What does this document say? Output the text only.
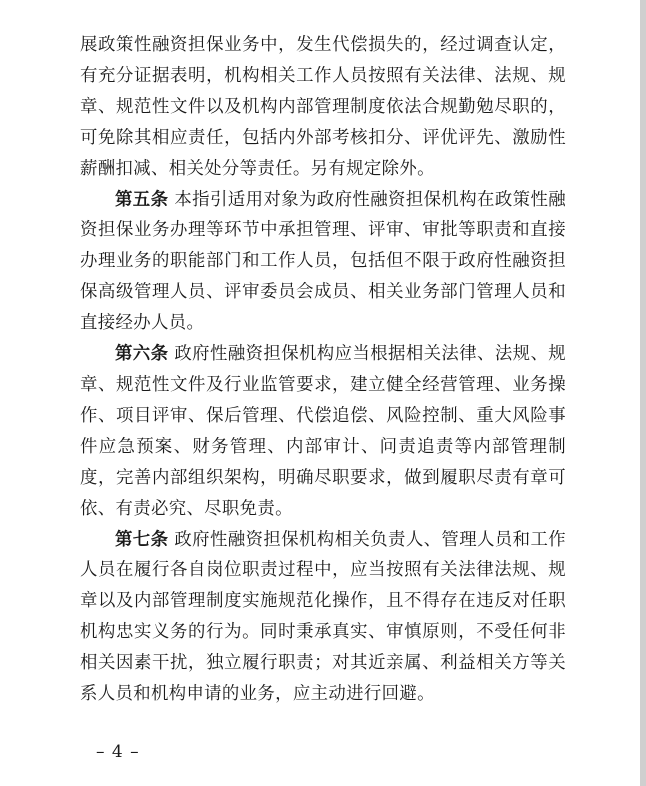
展政策性融资担保业务中，发生代偿损失的，经过调查认定，有充分证据表明，机构相关工作人员按照有关法律、法规、规章、规范性文件以及机构内部管理制度依法合规勤勉尽职的，可免除其相应责任，包括内外部考核扣分、评优评先、激励性薪酬扣减、相关处分等责任。另有规定除外。

第五条 本指引适用对象为政府性融资担保机构在政策性融资担保业务办理等环节中承担管理、评审、审批等职责和直接办理业务的职能部门和工作人员，包括但不限于政府性融资担保高级管理人员、评审委员会成员、相关业务部门管理人员和直接经办人员。

第六条 政府性融资担保机构应当根据相关法律、法规、规章、规范性文件及行业监管要求，建立健全经营管理、业务操作、项目评审、保后管理、代偿追偿、风险控制、重大风险事件应急预案、财务管理、内部审计、问责追责等内部管理制度，完善内部组织架构，明确尽职要求，做到履职尽责有章可依、有责必究、尽职免责。

第七条 政府性融资担保机构相关负责人、管理人员和工作人员在履行各自岗位职责过程中，应当按照有关法律法规、规章以及内部管理制度实施规范化操作，且不得存在违反对任职机构忠实义务的行为。同时秉承真实、审慎原则，不受任何非相关因素干扰，独立履行职责；对其近亲属、利益相关方等关系人员和机构申请的业务，应主动进行回避。

– 4 –
